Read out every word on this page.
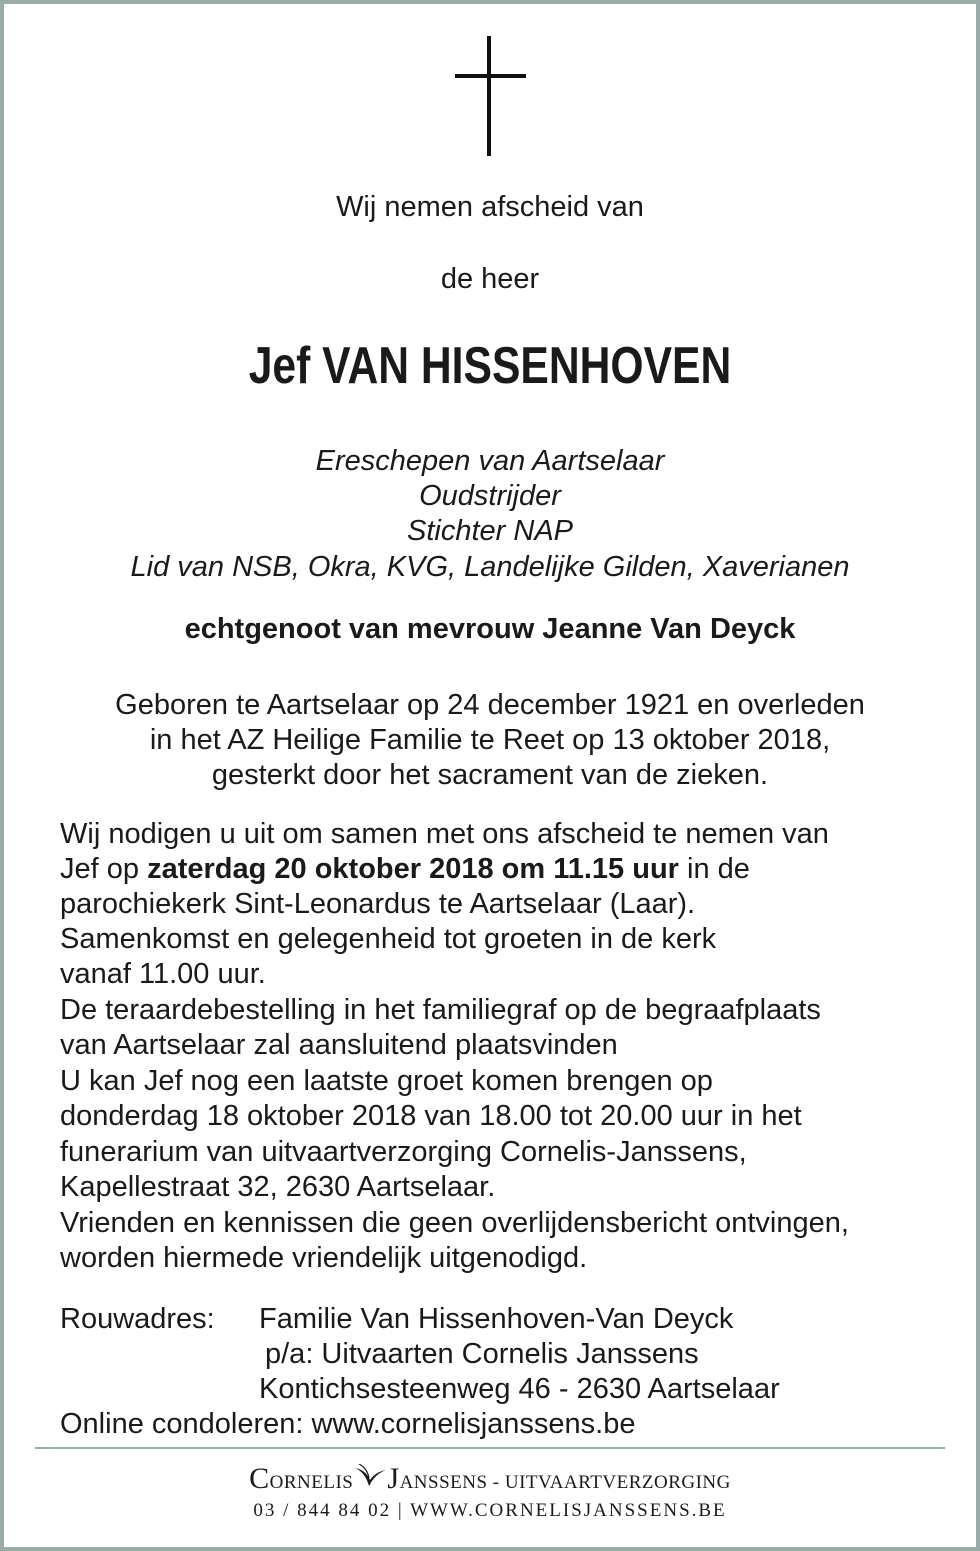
Wij nemen afscheid van
de heer
Jef VAN HISSENHOVEN
Ereschepen van Aartselaar
Oudstrijder
Stichter NAP
Lid van NSB, Okra, KVG, Landelijke Gilden, Xaverianen
echtgenoot van mevrouw Jeanne Van Deyck
Geboren te Aartselaar op 24 december 1921 en overleden
in het AZ Heilige Familie te Reet op 13 oktober 2018,
gesterkt door het sacrament van de zieken.
Wij nodigen u uit om samen met ons afscheid te nemen van
Jef op zaterdag 20 oktober 2018 om 11.15 uur in de
parochiekerk Sint-Leonardus te Aartselaar (Laar).
Samenkomst en gelegenheid tot groeten in de kerk
vanaf 11.00 uur.
De teraardebestelling in het familiegraf op de begraafplaats
van Aartselaar zal aansluitend plaatsvinden
U kan Jef nog een laatste groet komen brengen op
donderdag 18 oktober 2018 van 18.00 tot 20.00 uur in het
funerarium van uitvaartverzorging Cornelis-Janssens,
Kapellestraat 32, 2630 Aartselaar.
Vrienden en kennissen die geen overlijdensbericht ontvingen,
worden hiermede vriendelijk uitgenodigd.
Rouwadres: Familie Van Hissenhoven-Van Deyck
p/a: Uitvaarten Cornelis Janssens
Kontichsesteenweg 46 - 2630 Aartselaar
Online condoleren: www.cornelisjanssens.be
CORNELIS JANSSENS - UITVAARTVERZORGING
03 / 844 84 02 | WWW.CORNELISJANSSENS.BE
